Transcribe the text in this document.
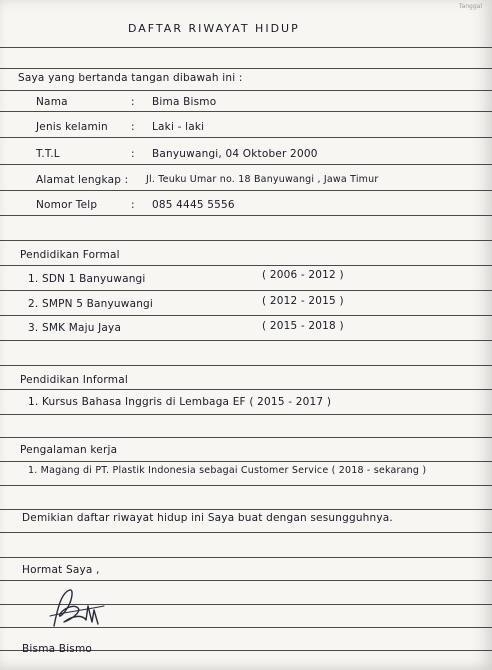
Tanggal
DAFTAR RIWAYAT HIDUP
Saya yang bertanda tangan dibawah ini :
Nama	: Bima Bismo
Jenis kelamin : Laki - laki
T.T.L	: Banyuwangi, 04 Oktober 2000
Alamat lengkap : Jl. Teuku Umar no. 18 Banyuwangi , Jawa Timur
Nomor Telp	: 085 4445 5556
Pendidikan Formal
1. SDN 1 Banyuwangi	( 2006 - 2012 )
2. SMPN 5 Banyuwangi	( 2012 - 2015 )
3. SMK Maju Jaya	( 2015 - 2018 )
Pendidikan Informal
1. Kursus Bahasa Inggris di Lembaga EF ( 2015 - 2017 )
Pengalaman kerja
1. Magang di PT. Plastik Indonesia sebagai Customer Service ( 2018 - sekarang )
Demikian daftar riwayat hidup ini Saya buat dengan sesungguhnya.
Hormat Saya ,
Bisma Bismo
